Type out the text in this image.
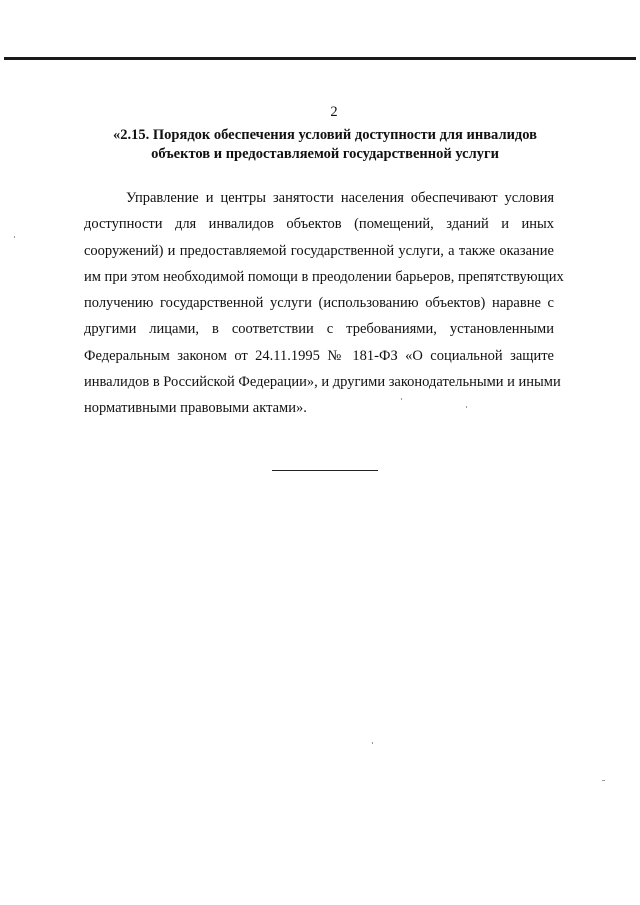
2
«2.15. Порядок обеспечения условий доступности для инвалидов
объектов и предоставляемой государственной услуги
Управление и центры занятости населения обеспечивают условия
доступности для инвалидов объектов (помещений, зданий и иных
сооружений) и предоставляемой государственной услуги, а также оказание
им при этом необходимой помощи в преодолении барьеров, препятствующих
получению государственной услуги (использованию объектов) наравне с
другими лицами, в соответствии с требованиями, установленными
Федеральным законом от 24.11.1995 № 181-ФЗ «О социальной защите
инвалидов в Российской Федерации», и другими законодательными и иными
нормативными правовыми актами».
